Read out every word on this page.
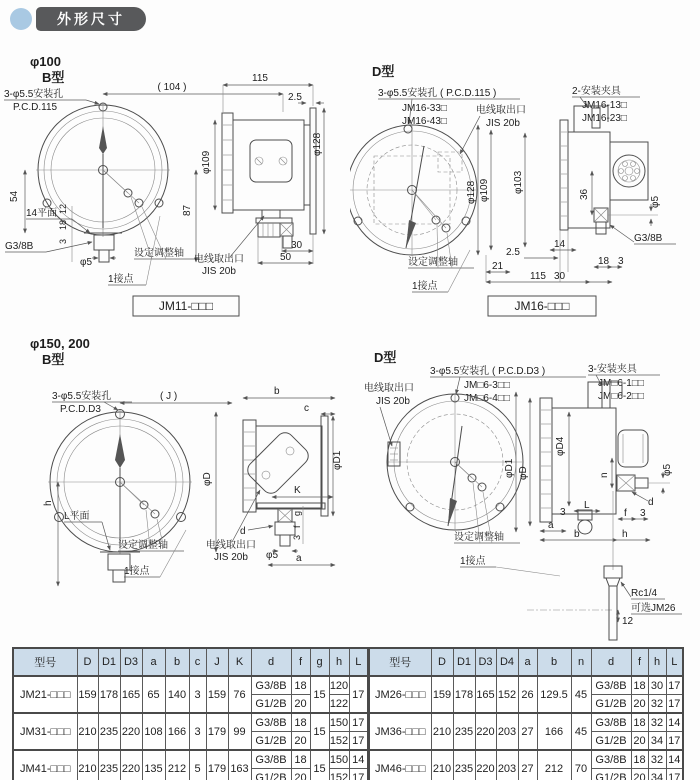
外形尺寸
φ100
B型
3-φ5.5安装孔
P.C.D.115
( 104 )
54
87
12
18
3
14平面
G3/8B
φ5
设定调整轴
1接点
电线取出口
JIS 20b
115
2.5
φ128
φ109
30
50
JM11-□□□
D型
3-φ5.5安装孔 ( P.C.D.115 )
JM16-33□
JM16-43□
电线取出口
JIS 20b
2-安装夹具
JM16-13□
JM16-23□
φ128 φ109 φ103
36
φ5
G3/8B
2.5
21
14
115 30
18 3
设定调整轴
1接点
JM16-□□□
φ150, 200
B型
3-φ5.5安装孔
P.C.D.D3
( J )
φD
h
L平面
设定调整轴
1接点
电线取出口
JIS 20b
b
c
φD1
K
g
f
3
d
φ5 a
D型
3-φ5.5安装孔 ( P.C.D.D3 )
JM□6-3□□
JM□6-4□□
电线取出口
JIS 20b
3-安装夹具
JM□6-1□□
JM□6-2□□
φD1 φD
φD4
n	φ5
d
L
3
a
f 3
b	h
设定调整轴
1接点
Rc1/4
可选JM26
12
型号	D	D1	D3	a	b	c	J	K	d	f	g	h	L
JM21-□□□	159	178	165	65	140	3	159	76	G3/8B	18	15	120	17
									G1/2B	20		122	
JM31-□□□	210	235	220	108	166	3	179	99	G3/8B	18	15	150	17
									G1/2B	20		152	17
JM41-□□□	210	235	220	135	212	5	179	163	G3/8B	18	15	150	14
									G1/2B	20		152	17
型号	D	D1	D3	D4	a	b	n	d	f	h	L
JM26-□□□	159	178	165	152	26	129.5	45	G3/8B	18	30	17
								G1/2B	20	32	17
JM36-□□□	210	235	220	203	27	166	45	G3/8B	18	32	14
								G1/2B	20	34	17
JM46-□□□	210	235	220	203	27	212	70	G3/8B	18	32	14
								G1/2B	20	34	17
